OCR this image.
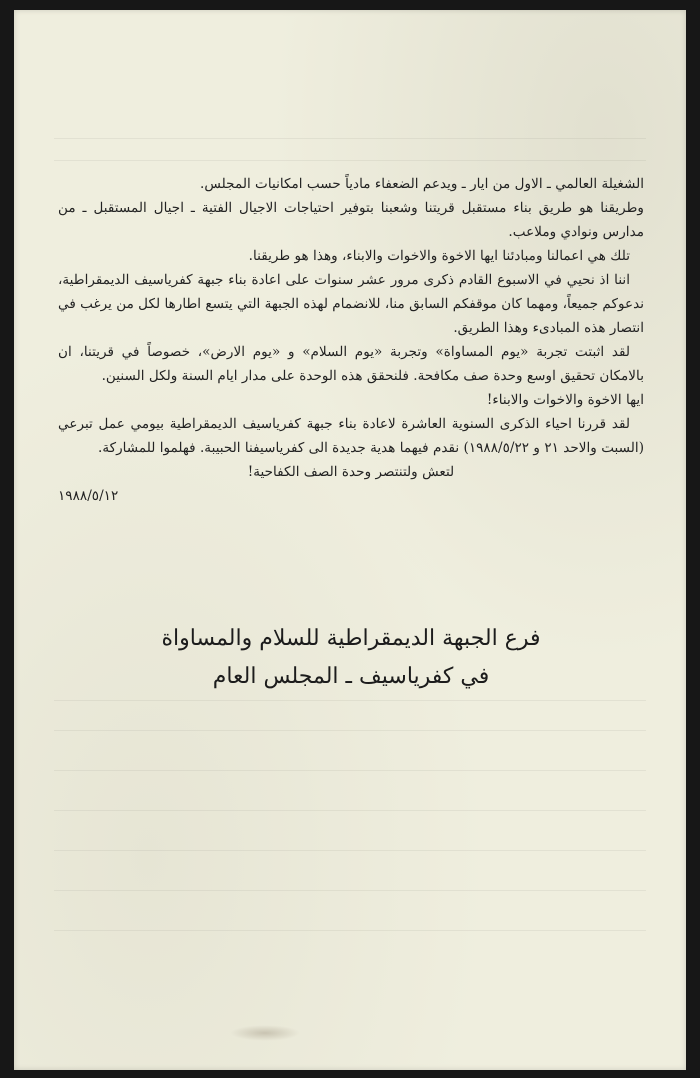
الشغيلة العالمي ـ الاول من ايار ـ ويدعم الضعفاء مادياً حسب امكانيات المجلس.

وطريقنا هو طريق بناء مستقبل قريتنا وشعبنا بتوفير احتياجات الاجيال الفتية ـ اجيال المستقبل ـ من مدارس ونوادي وملاعب.

تلك هي اعمالنا ومبادئنا ايها الاخوة والاخوات والابناء، وهذا هو طريقنا.

اننا اذ نحيي في الاسبوع القادم ذكرى مرور عشر سنوات على اعادة بناء جبهة كفرياسيف الديمقراطية، ندعوكم جميعاً، ومهما كان موقفكم السابق منا، للانضمام لهذه الجبهة التي يتسع اطارها لكل من يرغب في انتصار هذه المبادىء وهذا الطريق.

لقد اثبتت تجربة «يوم المساواة» وتجربة «يوم السلام» و «يوم الارض»، خصوصاً في قريتنا، ان بالامكان تحقيق اوسع وحدة صف مكافحة. فلنحقق هذه الوحدة على مدار ايام السنة ولكل السنين.

ايها الاخوة والاخوات والابناء!

لقد قررنا احياء الذكرى السنوية العاشرة لاعادة بناء جبهة كفرياسيف الديمقراطية بيومي عمل تبرعي (السبت والاحد ٢١ و ١٩٨٨/٥/٢٢) نقدم فيهما هدية جديدة الى كفرياسيفنا الحبيبة. فهلموا للمشاركة.

لتعش ولتنتصر وحدة الصف الكفاحية!

١٩٨٨/٥/١٢

فرع الجبهة الديمقراطية للسلام والمساواة
في كفرياسيف ـ المجلس العام
